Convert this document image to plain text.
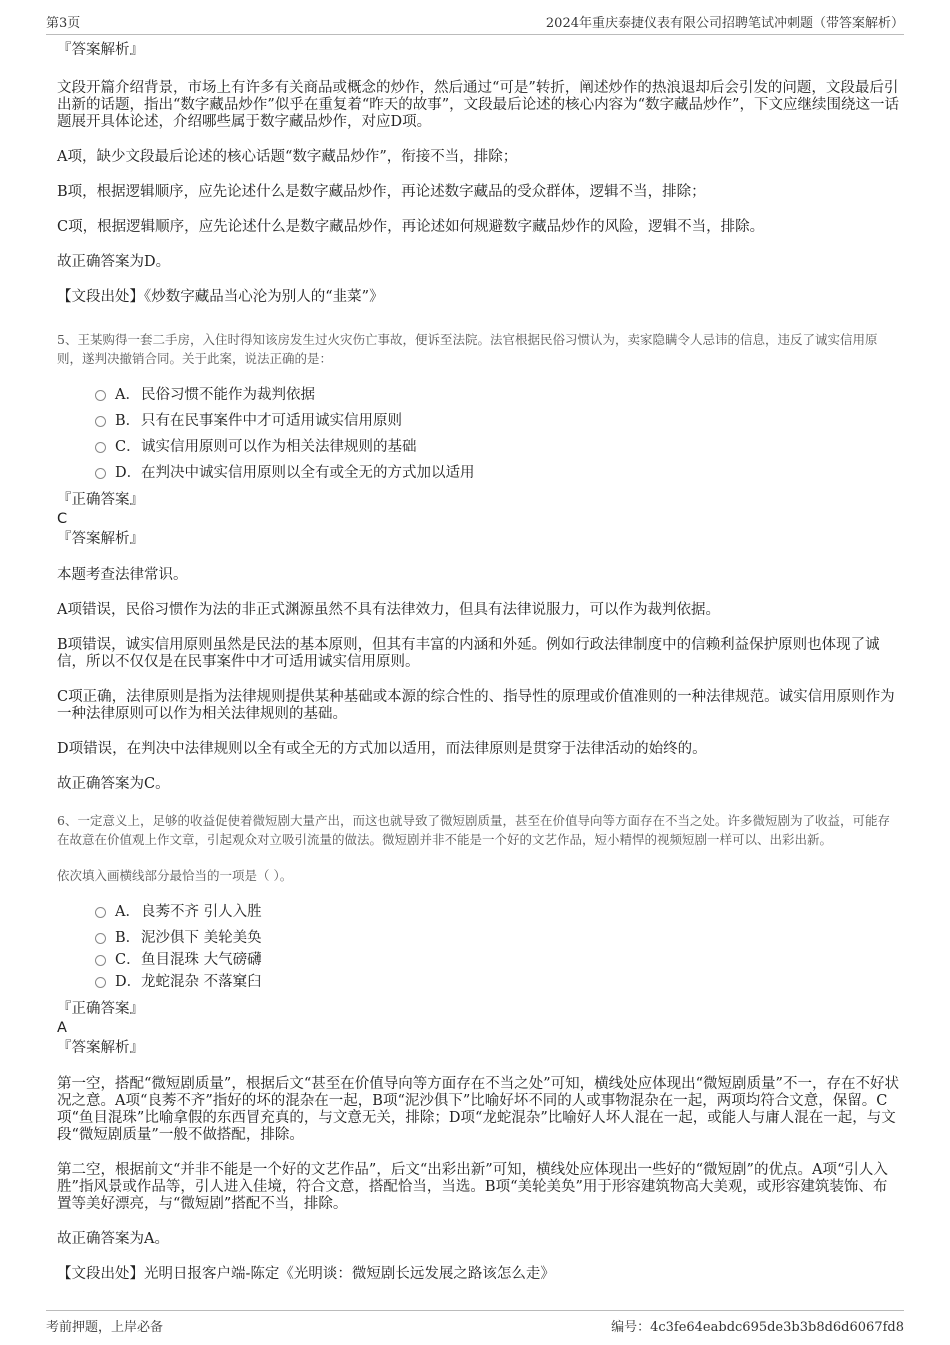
第3页	2024年重庆泰捷仪表有限公司招聘笔试冲刺题（带答案解析）

『答案解析』

文段开篇介绍背景，市场上有许多有关商品或概念的炒作，然后通过“可是”转折，阐述炒作的热浪退却后会引发的问题，文段最后引出新的话题，指出“数字藏品炒作”似乎在重复着“昨天的故事”，文段最后论述的核心内容为“数字藏品炒作”，下文应继续围绕这一话题展开具体论述，介绍哪些属于数字藏品炒作，对应D项。

A项，缺少文段最后论述的核心话题“数字藏品炒作”，衔接不当，排除；

B项，根据逻辑顺序，应先论述什么是数字藏品炒作，再论述数字藏品的受众群体，逻辑不当，排除；

C项，根据逻辑顺序，应先论述什么是数字藏品炒作，再论述如何规避数字藏品炒作的风险，逻辑不当，排除。

故正确答案为D。

【文段出处】《炒数字藏品当心沦为别人的“韭菜”》

5、王某购得一套二手房，入住时得知该房发生过火灾伤亡事故，便诉至法院。法官根据民俗习惯认为，卖家隐瞒令人忌讳的信息，违反了诚实信用原则，遂判决撤销合同。关于此案，说法正确的是：

A． 民俗习惯不能作为裁判依据
B． 只有在民事案件中才可适用诚实信用原则
C． 诚实信用原则可以作为相关法律规则的基础
D． 在判决中诚实信用原则以全有或全无的方式加以适用

『正确答案』

C

『答案解析』

本题考查法律常识。

A项错误，民俗习惯作为法的非正式渊源虽然不具有法律效力，但具有法律说服力，可以作为裁判依据。

B项错误，诚实信用原则虽然是民法的基本原则，但其有丰富的内涵和外延。例如行政法律制度中的信赖利益保护原则也体现了诚信，所以不仅仅是在民事案件中才可适用诚实信用原则。

C项正确，法律原则是指为法律规则提供某种基础或本源的综合性的、指导性的原理或价值准则的一种法律规范。诚实信用原则作为一种法律原则可以作为相关法律规则的基础。

D项错误，在判决中法律规则以全有或全无的方式加以适用，而法律原则是贯穿于法律活动的始终的。

故正确答案为C。

6、一定意义上，足够的收益促使着微短剧大量产出，而这也就导致了微短剧质量，甚至在价值导向等方面存在不当之处。许多微短剧为了收益，可能存在故意在价值观上作文章，引起观众对立吸引流量的做法。微短剧并非不能是一个好的文艺作品，短小精悍的视频短剧一样可以、出彩出新。

依次填入画横线部分最恰当的一项是（ ）。

A． 良莠不齐 引人入胜
B． 泥沙俱下 美轮美奂
C． 鱼目混珠 大气磅礴
D． 龙蛇混杂 不落窠臼

『正确答案』

A

『答案解析』

第一空，搭配“微短剧质量”，根据后文“甚至在价值导向等方面存在不当之处”可知，横线处应体现出“微短剧质量”不一，存在不好状况之意。A项“良莠不齐”指好的坏的混杂在一起，B项“泥沙俱下”比喻好坏不同的人或事物混杂在一起，两项均符合文意，保留。C项“鱼目混珠”比喻拿假的东西冒充真的，与文意无关，排除；D项“龙蛇混杂”比喻好人坏人混在一起，或能人与庸人混在一起，与文段“微短剧质量”一般不做搭配，排除。

第二空，根据前文“并非不能是一个好的文艺作品”，后文“出彩出新”可知，横线处应体现出一些好的“微短剧”的优点。A项“引人入胜”指风景或作品等，引人进入佳境，符合文意，搭配恰当，当选。B项“美轮美奂”用于形容建筑物高大美观，或形容建筑装饰、布置等美好漂亮，与“微短剧”搭配不当，排除。

故正确答案为A。

【文段出处】光明日报客户端-陈定《光明谈：微短剧长远发展之路该怎么走》

考前押题，上岸必备	编号：4c3fe64eabdc695de3b3b8d6d6067fd8
